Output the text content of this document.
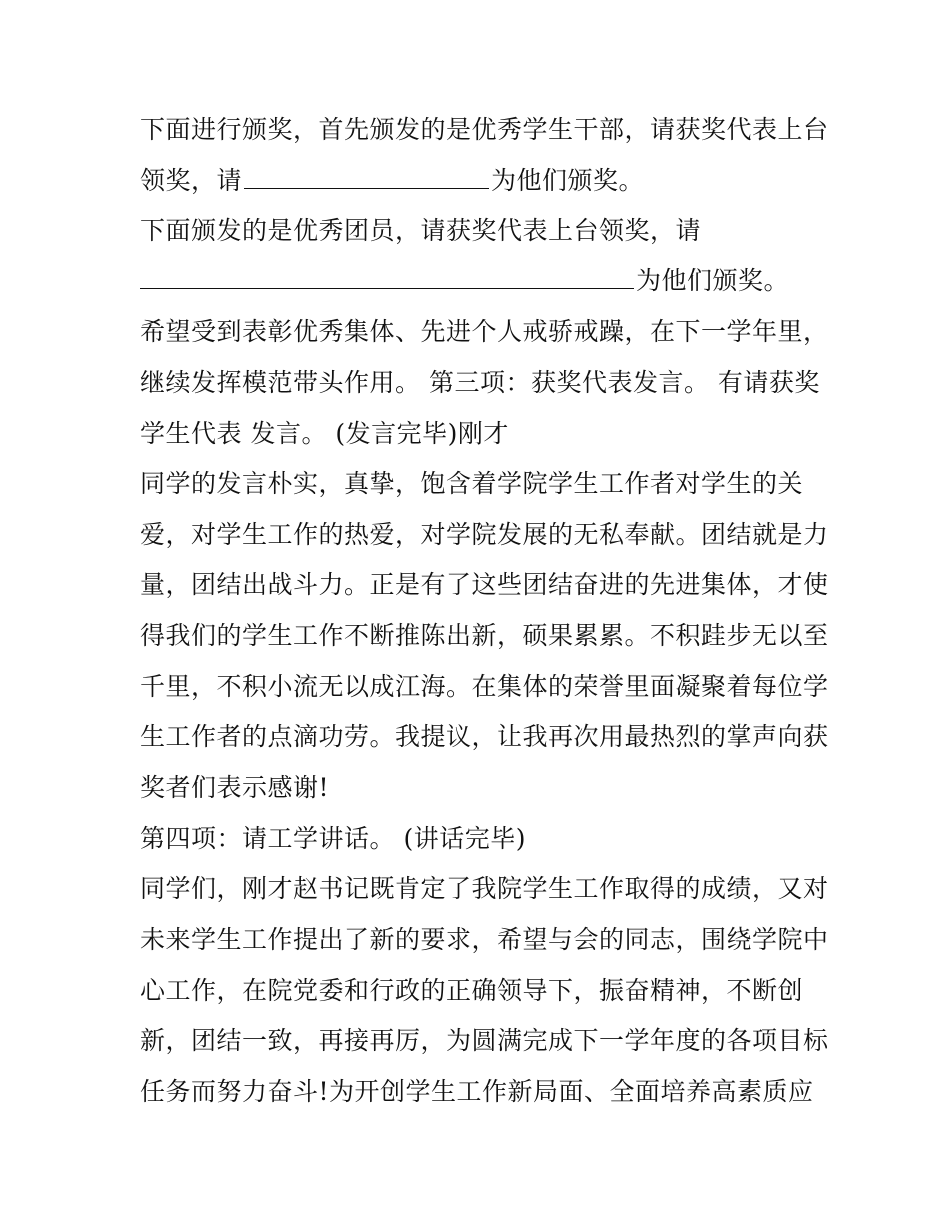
下面进行颁奖，首先颁发的是优秀学生干部，请获奖代表上台
领奖，请	为他们颁奖。
下面颁发的是优秀团员，请获奖代表上台领奖，请
为他们颁奖。
希望受到表彰优秀集体、先进个人戒骄戒躁，在下一学年里，
继续发挥模范带头作用。 第三项：获奖代表发言。 有请获奖
学生代表 发言。 (发言完毕)刚才
同学的发言朴实，真挚，饱含着学院学生工作者对学生的关
爱，对学生工作的热爱，对学院发展的无私奉献。团结就是力
量，团结出战斗力。正是有了这些团结奋进的先进集体，才使
得我们的学生工作不断推陈出新，硕果累累。不积跬步无以至
千里，不积小流无以成江海。在集体的荣誉里面凝聚着每位学
生工作者的点滴功劳。我提议，让我再次用最热烈的掌声向获
奖者们表示感谢!
第四项：请工学讲话。 (讲话完毕)
同学们，刚才赵书记既肯定了我院学生工作取得的成绩，又对
未来学生工作提出了新的要求，希望与会的同志，围绕学院中
心工作，在院党委和行政的正确领导下，振奋精神，不断创
新，团结一致，再接再厉，为圆满完成下一学年度的各项目标
任务而努力奋斗!为开创学生工作新局面、全面培养高素质应
